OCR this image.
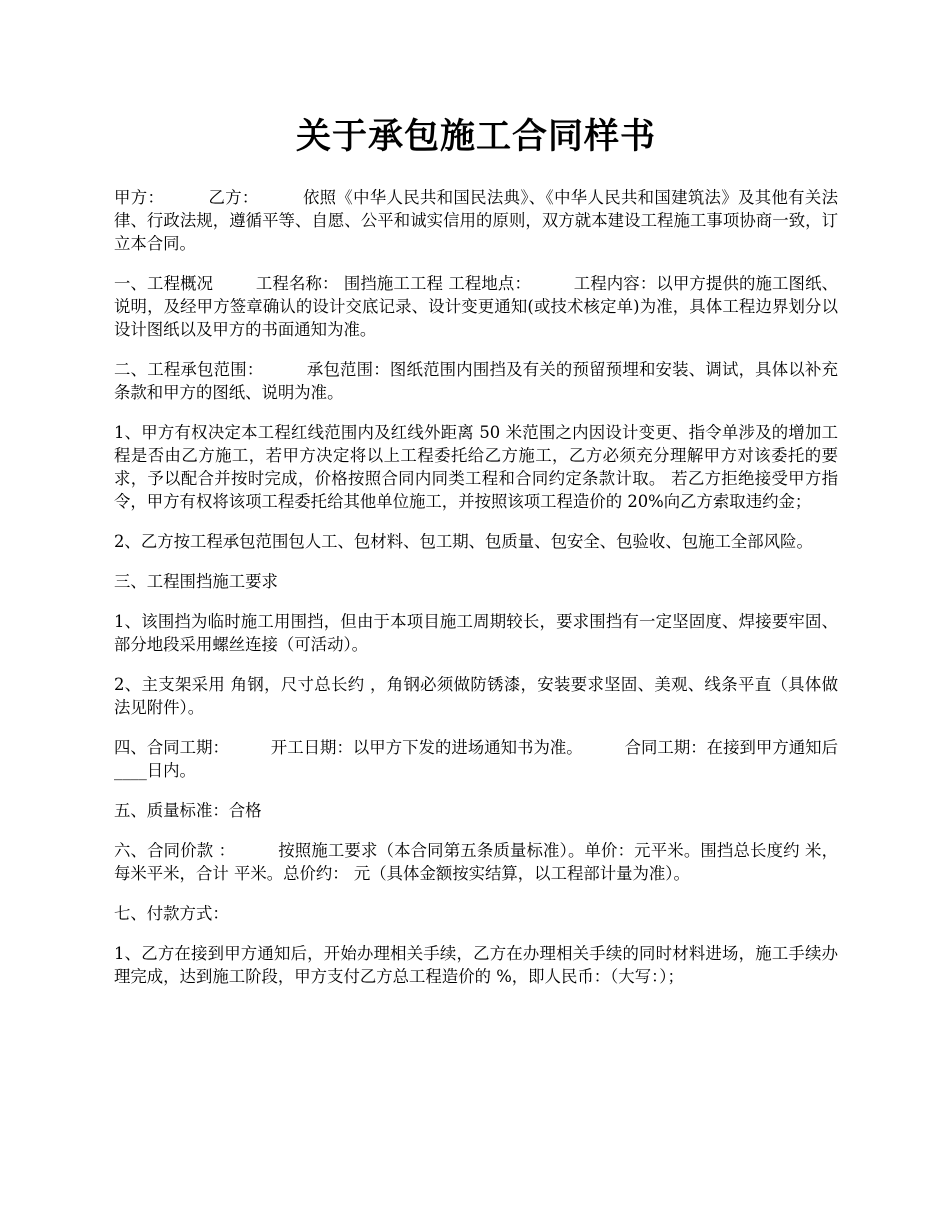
关于承包施工合同样书

甲方：        乙方：        依照《中华人民共和国民法典》、《中华人民共和国建筑法》及其他有关法律、行政法规，遵循平等、自愿、公平和诚实信用的原则，双方就本建设工程施工事项协商一致，订立本合同。

一、工程概况        工程名称： 围挡施工工程 工程地点：        工程内容：以甲方提供的施工图纸、说明，及经甲方签章确认的设计交底记录、设计变更通知(或技术核定单)为准，具体工程边界划分以设计图纸以及甲方的书面通知为准。

二、工程承包范围：        承包范围：图纸范围内围挡及有关的预留预埋和安装、调试，具体以补充条款和甲方的图纸、说明为准。

1、甲方有权决定本工程红线范围内及红线外距离 50 米范围之内因设计变更、指令单涉及的增加工程是否由乙方施工，若甲方决定将以上工程委托给乙方施工，乙方必须充分理解甲方对该委托的要求，予以配合并按时完成，价格按照合同内同类工程和合同约定条款计取。 若乙方拒绝接受甲方指令，甲方有权将该项工程委托给其他单位施工，并按照该项工程造价的 20%向乙方索取违约金；

2、乙方按工程承包范围包人工、包材料、包工期、包质量、包安全、包验收、包施工全部风险。

三、工程围挡施工要求

1、该围挡为临时施工用围挡，但由于本项目施工周期较长，要求围挡有一定坚固度、焊接要牢固、部分地段采用螺丝连接（可活动）。

2、主支架采用 角钢，尺寸总长约 ，角钢必须做防锈漆，安装要求坚固、美观、线条平直（具体做法见附件）。

四、合同工期：        开工日期：以甲方下发的进场通知书为准。        合同工期：在接到甲方通知后____日内。

五、质量标准：合格

六、合同价款 ：        按照施工要求（本合同第五条质量标准）。单价：元平米。围挡总长度约 米，每米平米，合计 平米。总价约： 元（具体金额按实结算，以工程部计量为准）。

七、付款方式：

1、乙方在接到甲方通知后，开始办理相关手续，乙方在办理相关手续的同时材料进场，施工手续办理完成，达到施工阶段，甲方支付乙方总工程造价的 %，即人民币：（大写：）；
